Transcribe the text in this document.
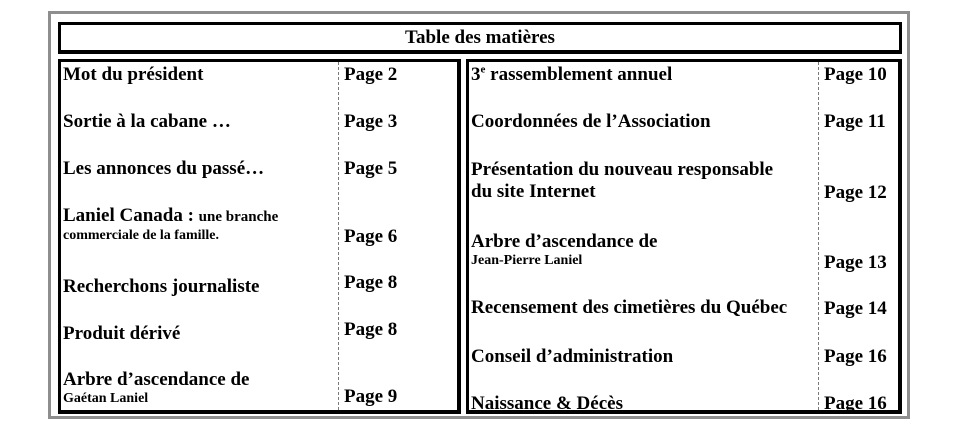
Table des matières
Mot du président	Page 2
Sortie à la cabane …	Page 3
Les annonces du passé…	Page 5
Laniel Canada : une branche
commerciale de la famille.	Page 6
Recherchons journaliste	Page 8
Produit dérivé	Page 8
Arbre d’ascendance de
Gaétan Laniel	Page 9
3e rassemblement annuel	Page 10
Coordonnées de l’Association	Page 11
Présentation du nouveau responsable
du site Internet	Page 12
Arbre d’ascendance de
Jean-Pierre Laniel	Page 13
Recensement des cimetières du Québec Page 14
Conseil d’administration	Page 16
Naissance & Décès	Page 16
